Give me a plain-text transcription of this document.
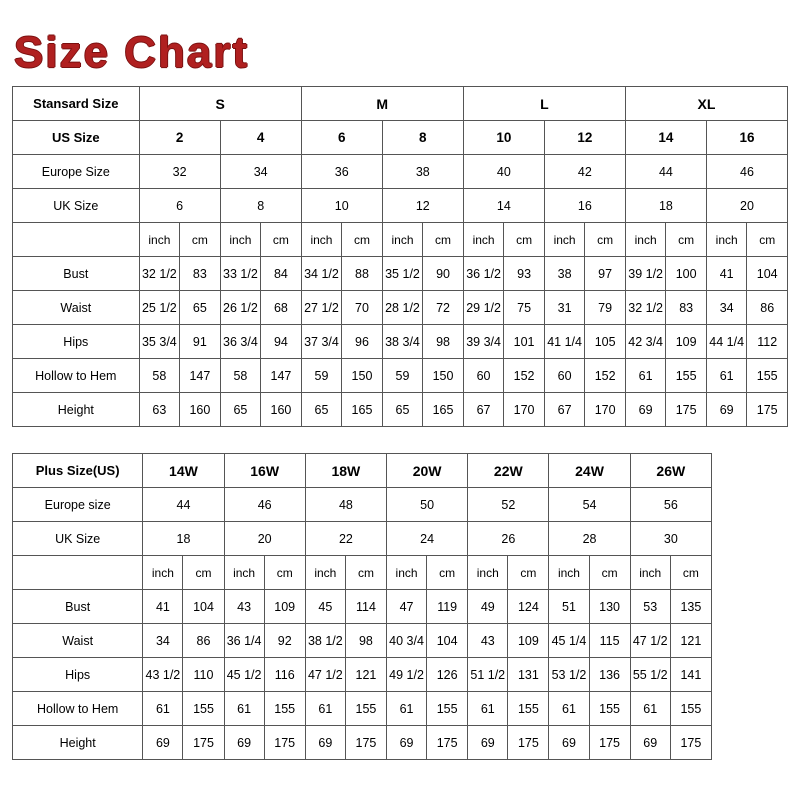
Size Chart
Stansard Size	S				M				L				XL			
US Size	2		4		6		8		10		12		14		16	
Europe Size	32		34		36		38		40		42		44		46	
UK Size	6		8		10		12		14		16		18		20	
	inch	cm	inch	cm	inch	cm	inch	cm	inch	cm	inch	cm	inch	cm	inch	cm
Bust	32 1/2	83	33 1/2	84	34 1/2	88	35 1/2	90	36 1/2	93	38	97	39 1/2	100	41	104
Waist	25 1/2	65	26 1/2	68	27 1/2	70	28 1/2	72	29 1/2	75	31	79	32 1/2	83	34	86
Hips	35 3/4	91	36 3/4	94	37 3/4	96	38 3/4	98	39 3/4	101	41 1/4	105	42 3/4	109	44 1/4	112
Hollow to Hem	58	147	58	147	59	150	59	150	60	152	60	152	61	155	61	155
Height	63	160	65	160	65	165	65	165	67	170	67	170	69	175	69	175
Plus Size(US)	14W		16W		18W		20W		22W		24W		26W	
Europe size	44		46		48		50		52		54		56	
UK Size	18		20		22		24		26		28		30	
	inch	cm	inch	cm	inch	cm	inch	cm	inch	cm	inch	cm	inch	cm
Bust	41	104	43	109	45	114	47	119	49	124	51	130	53	135
Waist	34	86	36 1/4	92	38 1/2	98	40 3/4	104	43	109	45 1/4	115	47 1/2	121
Hips	43 1/2	110	45 1/2	116	47 1/2	121	49 1/2	126	51 1/2	131	53 1/2	136	55 1/2	141
Hollow to Hem	61	155	61	155	61	155	61	155	61	155	61	155	61	155
Height	69	175	69	175	69	175	69	175	69	175	69	175	69	175
